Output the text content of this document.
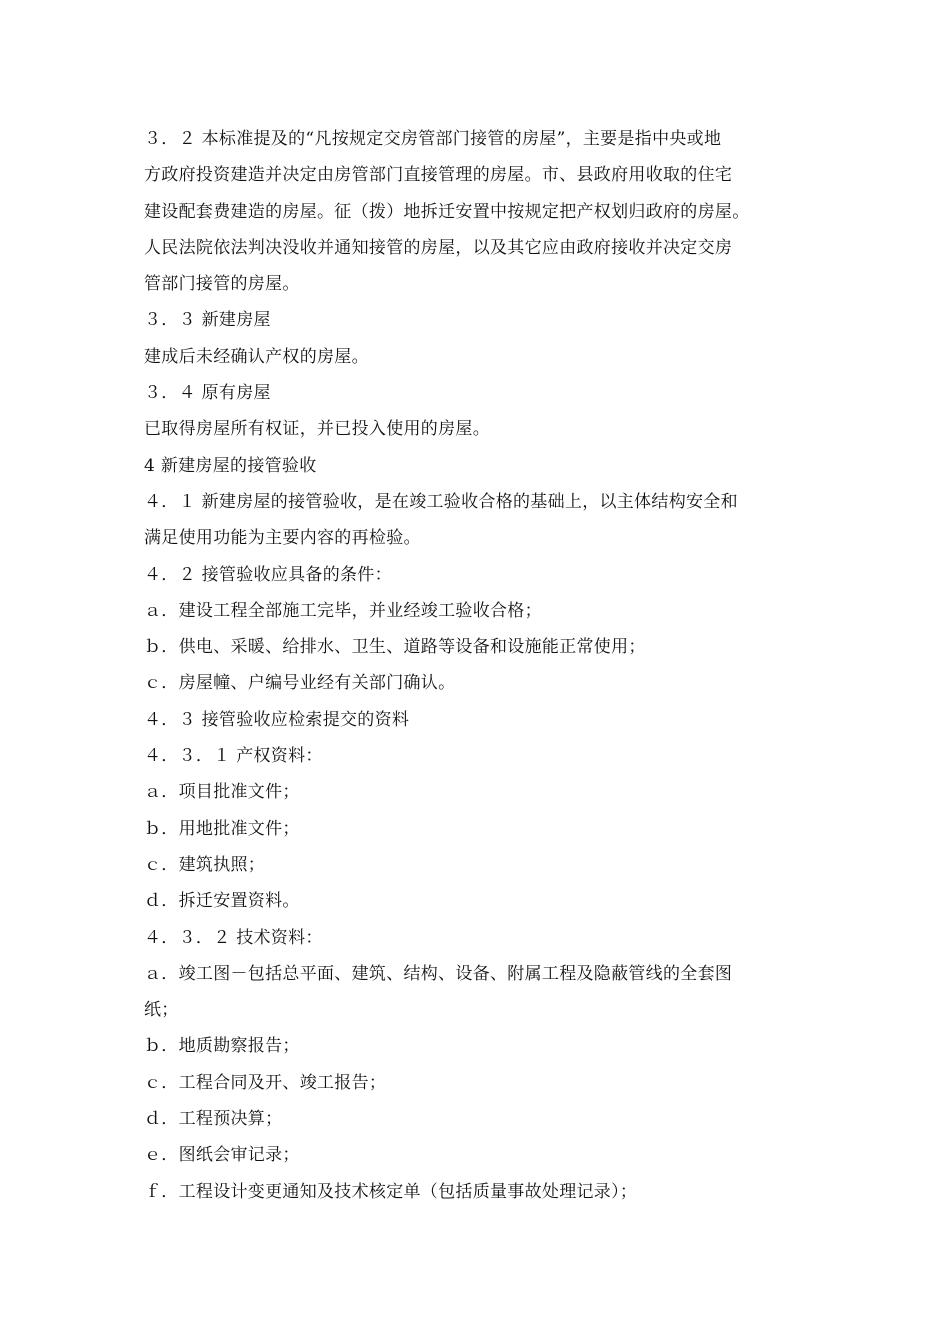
３．２ 本标准提及的“凡按规定交房管部门接管的房屋”，主要是指中央或地
方政府投资建造并决定由房管部门直接管理的房屋。市、县政府用收取的住宅
建设配套费建造的房屋。征（拨）地拆迁安置中按规定把产权划归政府的房屋。
人民法院依法判决没收并通知接管的房屋，以及其它应由政府接收并决定交房
管部门接管的房屋。
３．３ 新建房屋
建成后未经确认产权的房屋。
３．４ 原有房屋
已取得房屋所有权证，并已投入使用的房屋。
4 新建房屋的接管验收
４．１ 新建房屋的接管验收，是在竣工验收合格的基础上，以主体结构安全和
满足使用功能为主要内容的再检验。
４．２ 接管验收应具备的条件：
ａ．建设工程全部施工完毕，并业经竣工验收合格；
ｂ．供电、采暖、给排水、卫生、道路等设备和设施能正常使用；
ｃ．房屋幢、户编号业经有关部门确认。
４．３ 接管验收应检索提交的资料
４．３．１ 产权资料：
ａ．项目批准文件；
ｂ．用地批准文件；
ｃ．建筑执照；
ｄ．拆迁安置资料。
４．３．２ 技术资料：
ａ．竣工图－包括总平面、建筑、结构、设备、附属工程及隐蔽管线的全套图
纸；
ｂ．地质勘察报告；
ｃ．工程合同及开、竣工报告；
ｄ．工程预决算；
ｅ．图纸会审记录；
ｆ．工程设计变更通知及技术核定单（包括质量事故处理记录）；
